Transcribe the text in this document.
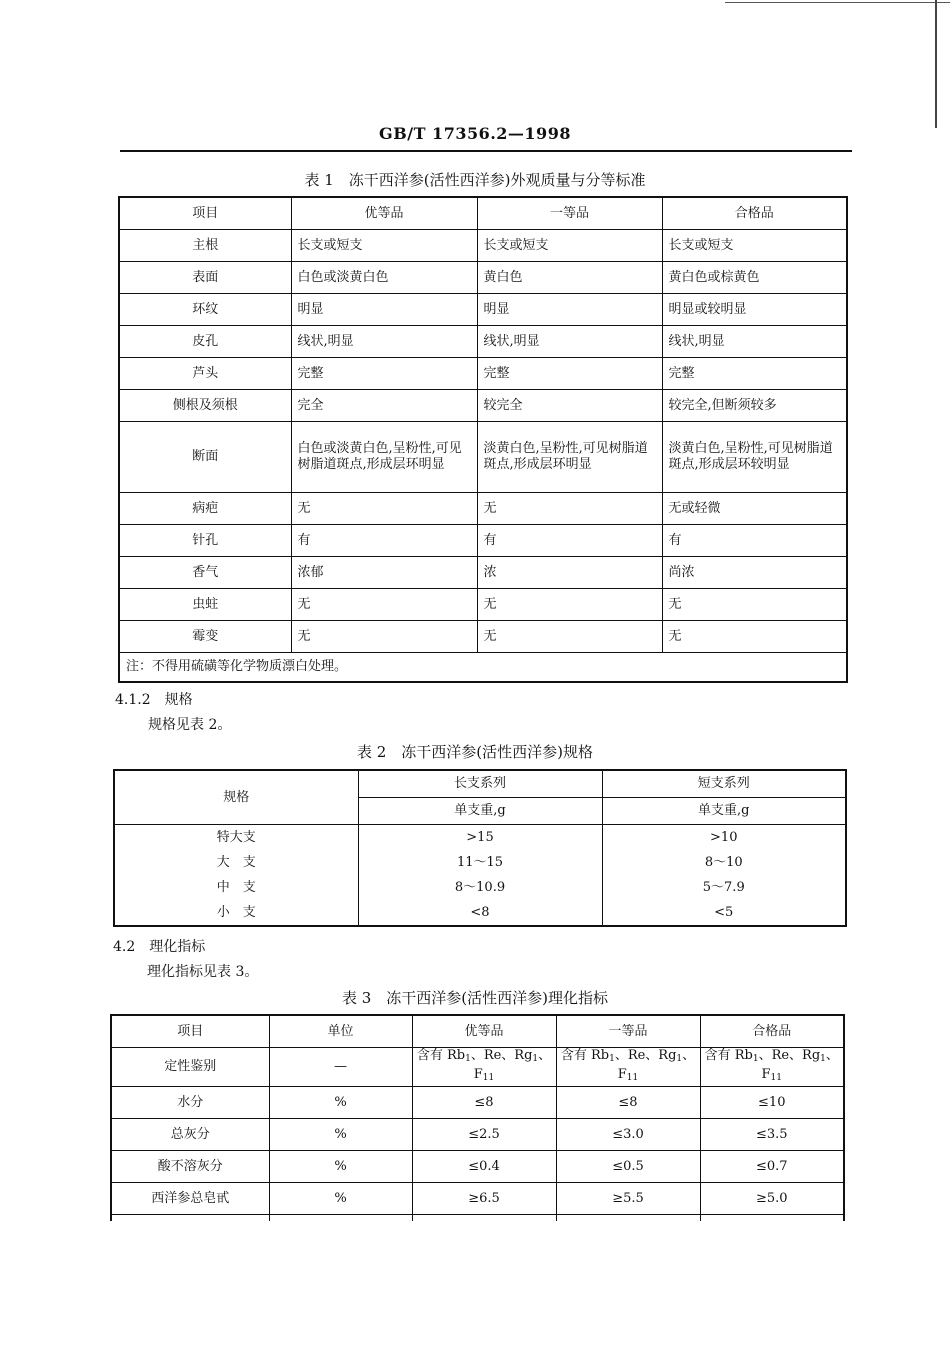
GB/T 17356.2—1998
表 1　冻干西洋参(活性西洋参)外观质量与分等标准
项目	优等品	一等品	合格品
主根	长支或短支	长支或短支	长支或短支
表面	白色或淡黄白色	黄白色	黄白色或棕黄色
环纹	明显	明显	明显或较明显
皮孔	线状,明显	线状,明显	线状,明显
芦头	完整	完整	完整
侧根及须根	完全	较完全	较完全,但断须较多
断面	白色或淡黄白色,呈粉性,可见树脂道斑点,形成层环明显	淡黄白色,呈粉性,可见树脂道斑点,形成层环明显	淡黄白色,呈粉性,可见树脂道斑点,形成层环较明显
病疤	无	无	无或轻微
针孔	有	有	有
香气	浓郁	浓	尚浓
虫蛀	无	无	无
霉变	无	无	无
注：不得用硫磺等化学物质漂白处理。			
4.1.2　规格
规格见表 2。
表 2　冻干西洋参(活性西洋参)规格
规格	长支系列	短支系列
	单支重,g	单支重,g
特大支	>15	>10
大　支	11～15	8～10
中　支	8～10.9	5～7.9
小　支	<8	<5
4.2　理化指标
理化指标见表 3。
表 3　冻干西洋参(活性西洋参)理化指标
项目	单位	优等品	一等品	合格品
定性鉴别	—	含有 $Rb_1$、Re、$Rg_1$、$F_{11}$	含有 $Rb_1$、Re、$Rg_1$、$F_{11}$	含有 $Rb_1$、Re、$Rg_1$、$F_{11}$
水分	%	≤8	≤8	≤10
总灰分	%	≤2.5	≤3.0	≤3.5
酸不溶灰分	%	≤0.4	≤0.5	≤0.7
西洋参总皂甙	%	≥6.5	≥5.5	≥5.0
